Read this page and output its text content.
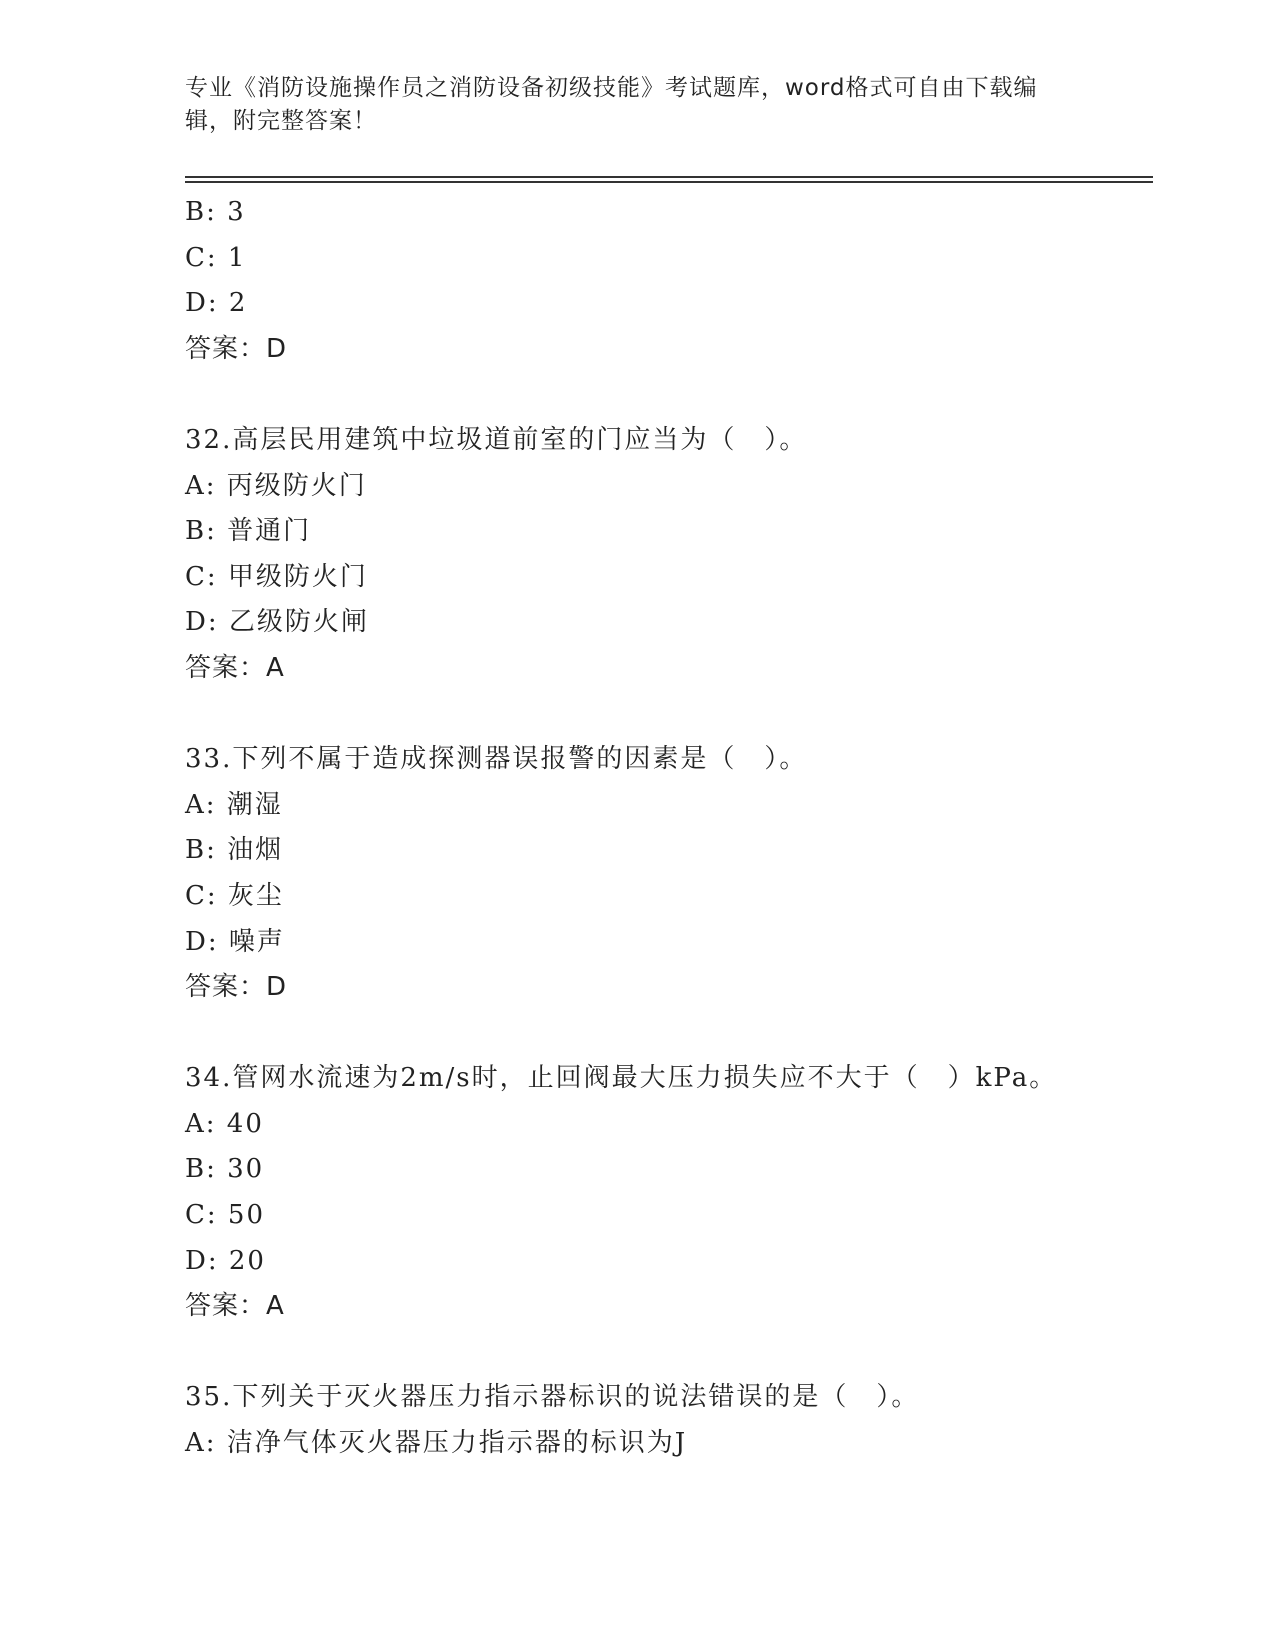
专业《消防设施操作员之消防设备初级技能》考试题库，word格式可自由下载编辑，附完整答案！
B: 3
C: 1
D: 2
答案：D
32.高层民用建筑中垃圾道前室的门应当为（　）。
A: 丙级防火门
B: 普通门
C: 甲级防火门
D: 乙级防火闸
答案：A
33.下列不属于造成探测器误报警的因素是（　）。
A: 潮湿
B: 油烟
C: 灰尘
D: 噪声
答案：D
34.管网水流速为2m/s时，止回阀最大压力损失应不大于（　）kPa。
A: 40
B: 30
C: 50
D: 20
答案：A
35.下列关于灭火器压力指示器标识的说法错误的是（　）。
A: 洁净气体灭火器压力指示器的标识为J
